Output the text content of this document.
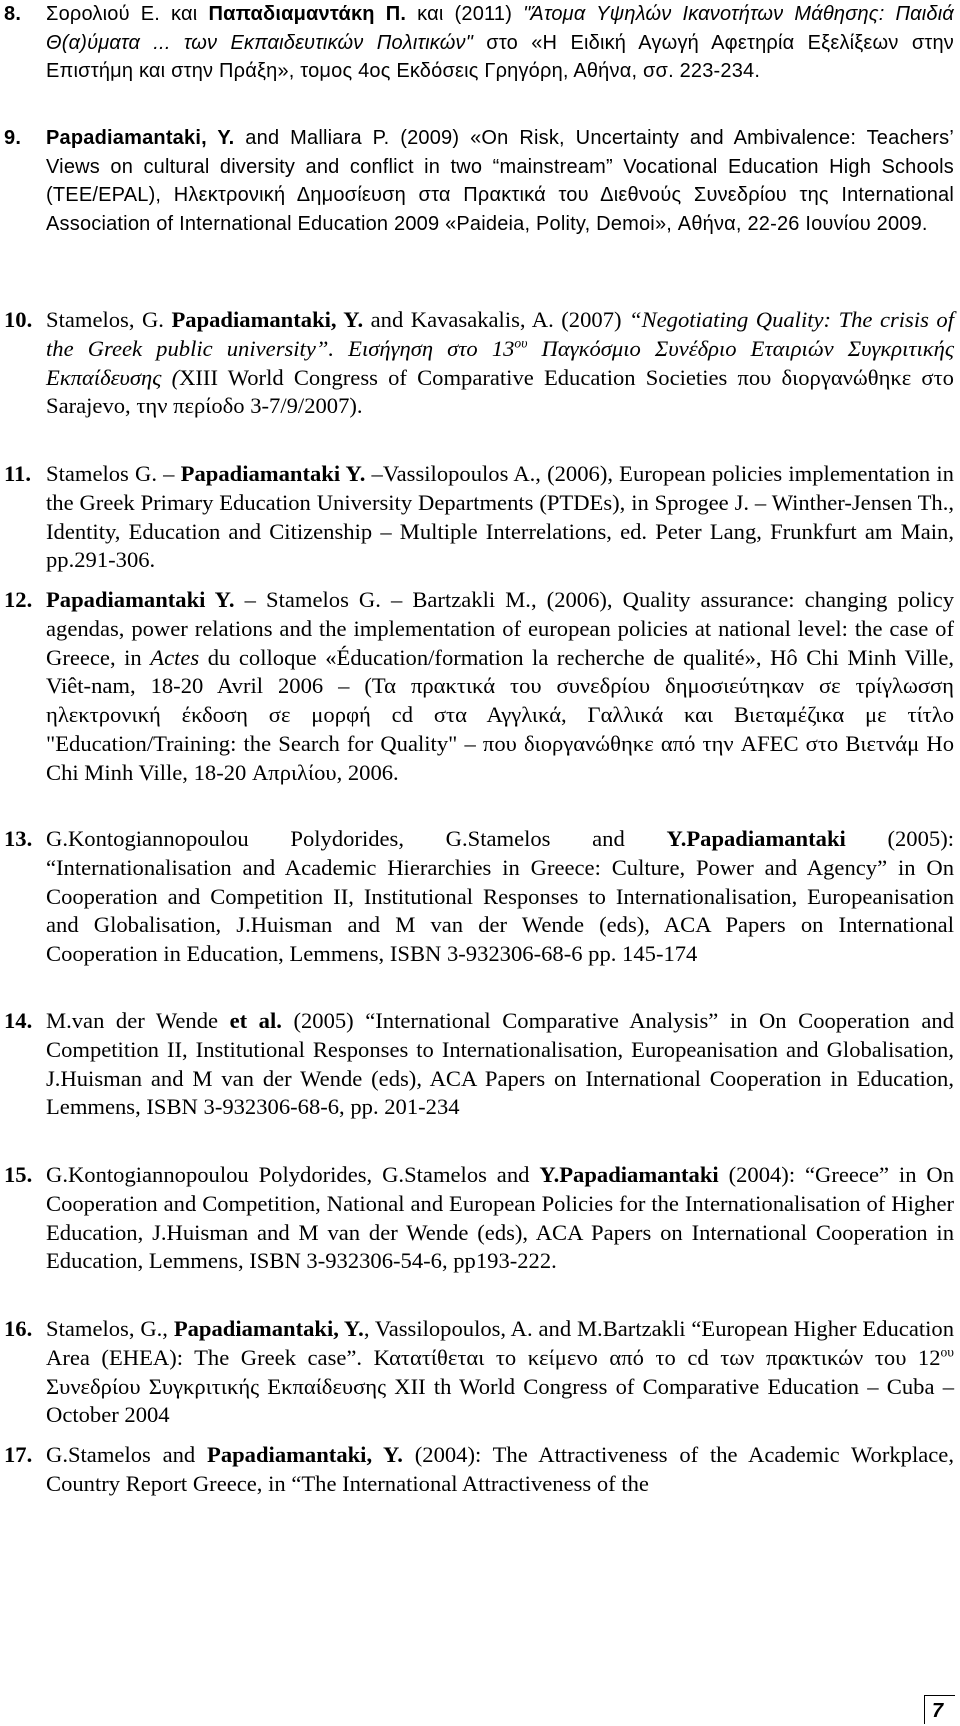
8. Σορολιού Ε. και Παπαδιαμαντάκη Π. και (2011) "Άτομα Υψηλών Ικανοτήτων Μάθησης: Παιδιά Θ(α)ύματα ... των Εκπαιδευτικών Πολιτικών" στο «Η Ειδική Αγωγή Αφετηρία Εξελίξεων στην Επιστήμη και στην Πράξη», τομος 4ος Εκδόσεις Γρηγόρη, Αθήνα, σσ. 223-234.
9. Papadiamantaki, Y. and Malliara P. (2009) «On Risk, Uncertainty and Ambivalence: Teachers’ Views on cultural diversity and conflict in two “mainstream” Vocational Education High Schools (TEE/EPAL), Ηλεκτρονική Δημοσίευση στα Πρακτικά του Διεθνούς Συνεδρίου της International Association of International Education 2009 «Paideia, Polity, Demoi», Αθήνα, 22-26 Ιουνίου 2009.
10. Stamelos, G. Papadiamantaki, Y. and Kavasakalis, A. (2007) “Negotiating Quality: The crisis of the Greek public university”. Εισήγηση στο $13^{o\upsilon}$ Παγκόσμιο Συνέδριο Εταιριών Συγκριτικής Εκπαίδευσης (XIII World Congress of Comparative Education Societies που διοργανώθηκε στο Sarajevo, την περίοδο 3-7/9/2007).
11. Stamelos G. – Papadiamantaki Y. –Vassilopoulos A., (2006), European policies implementation in the Greek Primary Education University Departments (PTDEs), in Sprogee J. – Winther-Jensen Th., Identity, Education and Citizenship – Multiple Interrelations, ed. Peter Lang, Frunkfurt am Main, pp.291-306.
12. Papadiamantaki Y. – Stamelos G. – Bartzakli M., (2006), Quality assurance: changing policy agendas, power relations and the implementation of european policies at national level: the case of Greece, in Actes du colloque «Éducation/formation la recherche de qualité», Hô Chi Minh Ville, Viêt-nam, 18-20 Avril 2006 – (Τα πρακτικά του συνεδρίου δημοσιεύτηκαν σε τρίγλωσση ηλεκτρονική έκδοση σε μορφή cd στα Αγγλικά, Γαλλικά και Βιεταμέζικα με τίτλο "Education/Training: the Search for Quality" – που διοργανώθηκε από την AFEC στο Βιετνάμ Ho Chi Minh Ville, 18-20 Απριλίου, 2006.
13. G.Kontogiannopoulou Polydorides, G.Stamelos and Y.Papadiamantaki (2005): “Internationalisation and Academic Hierarchies in Greece: Culture, Power and Agency” in On Cooperation and Competition II, Institutional Responses to Internationalisation, Europeanisation and Globalisation, J.Huisman and M van der Wende (eds), ACA Papers on International Cooperation in Education, Lemmens, ISBN 3-932306-68-6 pp. 145-174
14. M.van der Wende et al. (2005) “International Comparative Analysis” in On Cooperation and Competition II, Institutional Responses to Internationalisation, Europeanisation and Globalisation, J.Huisman and M van der Wende (eds), ACA Papers on International Cooperation in Education, Lemmens, ISBN 3-932306-68-6, pp. 201-234
15. G.Kontogiannopoulou Polydorides, G.Stamelos and Y.Papadiamantaki (2004): “Greece” in On Cooperation and Competition, National and European Policies for the Internationalisation of Higher Education, J.Huisman and M van der Wende (eds), ACA Papers on International Cooperation in Education, Lemmens, ISBN 3-932306-54-6, pp193-222.
16. Stamelos, G., Papadiamantaki, Y., Vassilopoulos, A. and M.Bartzakli “European Higher Education Area (EHEA): The Greek case”. Κατατίθεται το κείμενο από το cd των πρακτικών του $12^{o\upsilon}$ Συνεδρίου Συγκριτικής Εκπαίδευσης XII th World Congress of Comparative Education – Cuba – October 2004
17. G.Stamelos and Papadiamantaki, Y. (2004): The Attractiveness of the Academic Workplace, Country Report Greece, in “The International Attractiveness of the
7
